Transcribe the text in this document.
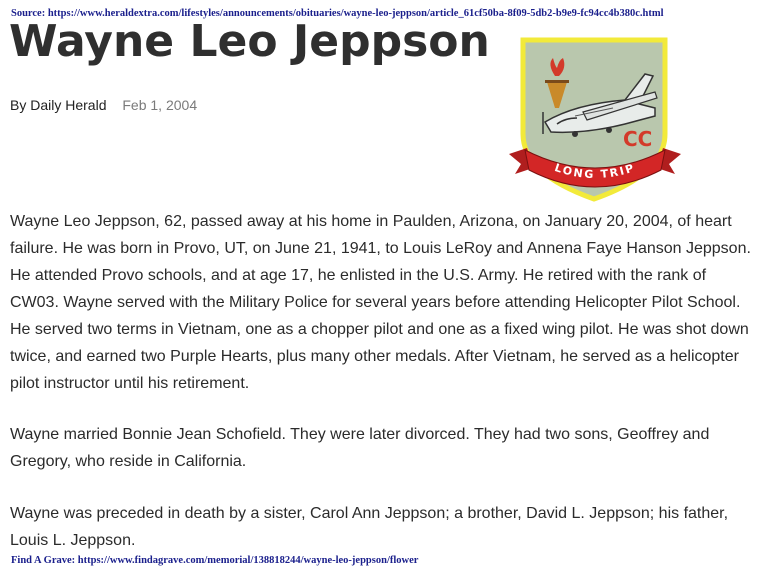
Source: https://www.heraldextra.com/lifestyles/announcements/obituaries/wayne-leo-jeppson/article_61cf50ba-8f09-5db2-b9e9-fc94cc4b380c.html
Wayne Leo Jeppson
By Daily Herald Feb 1, 2004
CC
LONG TRIP

Wayne Leo Jeppson, 62, passed away at his home in Paulden, Arizona, on January 20, 2004, of heart failure. He was born in Provo, UT, on June 21, 1941, to Louis LeRoy and Annena Faye Hanson Jeppson. He attended Provo schools, and at age 17, he enlisted in the U.S. Army. He retired with the rank of CW03. Wayne served with the Military Police for several years before attending Helicopter Pilot School. He served two terms in Vietnam, one as a chopper pilot and one as a fixed wing pilot. He was shot down twice, and earned two Purple Hearts, plus many other medals. After Vietnam, he served as a helicopter pilot instructor until his retirement.

Wayne married Bonnie Jean Schofield. They were later divorced. They had two sons, Geoffrey and Gregory, who reside in California.

Wayne was preceded in death by a sister, Carol Ann Jeppson; a brother, David L. Jeppson; his father, Louis L. Jeppson.

Find A Grave: https://www.findagrave.com/memorial/138818244/wayne-leo-jeppson/flower
